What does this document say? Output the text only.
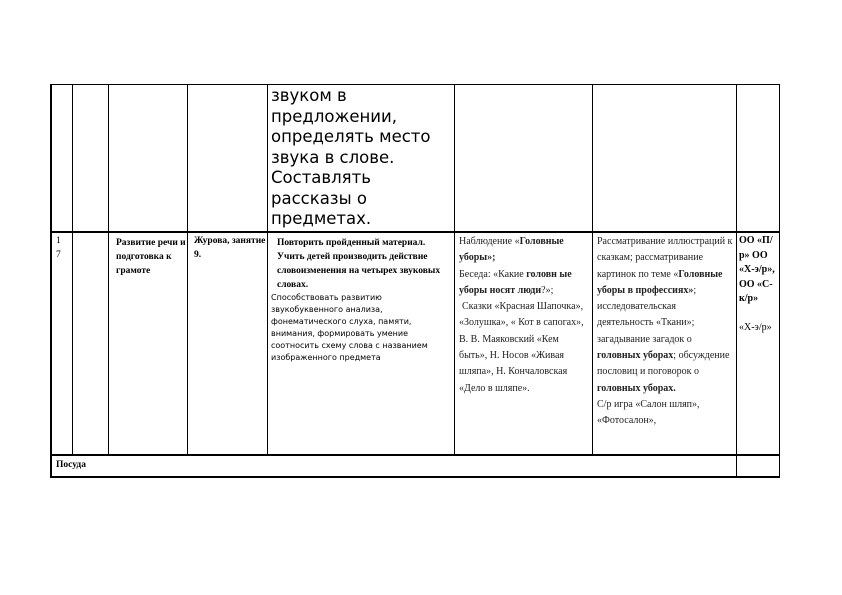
звуком в предложении, определять место звука в слове. Составлять рассказы о предметах.
1
7
Развитие речи и подготовка к грамоте
Журова, занятие 9.
Повторить пройденный материал. Учить детей производить действие словоизменения на четырех звуковых словах.
Способствовать развитию звукобуквенного анализа, фонематического слуха, памяти, внимания, формировать умение соотносить схему слова с названием изображенного предмета
Наблюдение «Головные уборы»;
Беседа: «Какие головн ые уборы носят люди?»;
Сказки «Красная Шапочка», «Золушка», « Кот в сапогах», В. В. Маяковский «Кем быть», Н. Носов «Живая шляпа», Н. Кончаловская «Дело в шляпе».
Рассматривание иллюстраций к сказкам; рассматривание картинок по теме «Головные уборы в профессиях»; исследовательская деятельность «Ткани»; загадывание загадок о головных уборах; обсуждение пословиц и поговорок о головных уборах.
С/р игра «Салон шляп», «Фотосалон»,
ОО «П/р» ОО «Х-э/р», ОО «С-к/р»
«Х-э/р»
Посуда
